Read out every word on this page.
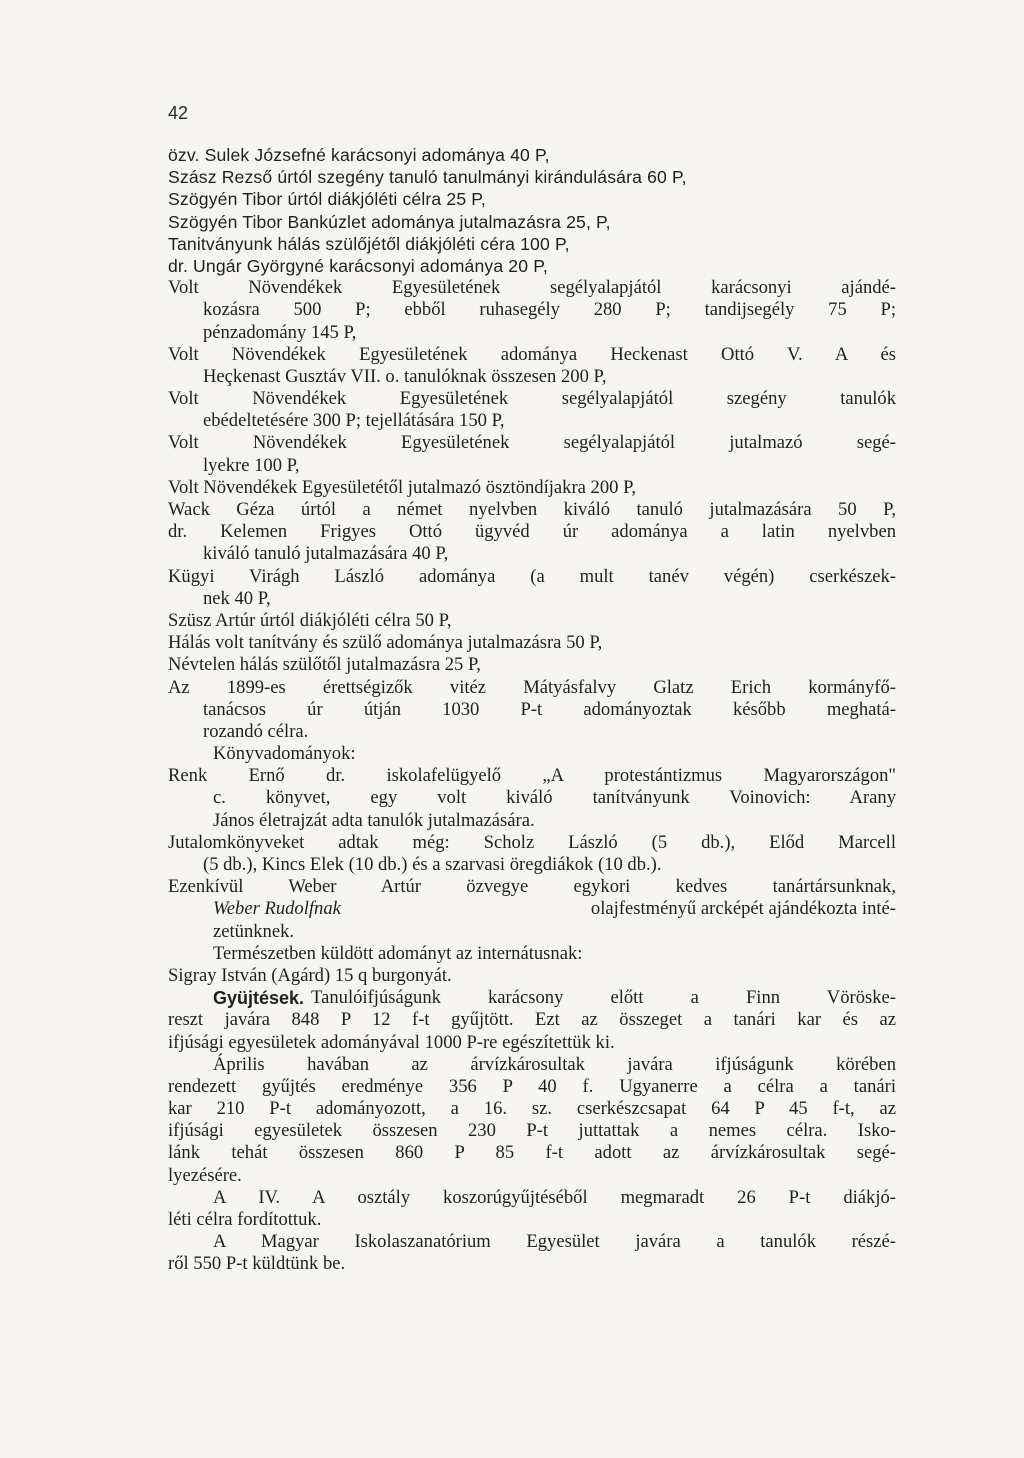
42
özv. Sulek Józsefné karácsonyi adománya 40 P,
Szász Rezső úrtól szegény tanuló tanulmányi kirándulására 60 P,
Szögyén Tibor úrtól diákjóléti célra 25 P,
Szögyén Tibor Bankúzlet adománya jutalmazásra 25, P,
Tanitványunk hálás szülőjétől diákjóléti céra 100 P,
dr. Ungár Györgyné karácsonyi adománya 20 P,
Volt Növendékek Egyesületének segélyalapjától karácsonyi ajándé-
kozásra 500 P; ebből ruhasegély 280 P; tandijsegély 75 P;
pénzadomány 145 P,
Volt Növendékek Egyesületének adománya Heckenast Ottó V. A és
Heçkenast Gusztáv VII. o. tanulóknak összesen 200 P,
Volt Növendékek Egyesületének segélyalapjától szegény tanulók
ebédeltetésére 300 P; tejellátására 150 P,
Volt Növendékek Egyesületének segélyalapjától jutalmazó segé-
lyekre 100 P,
Volt Növendékek Egyesületétől jutalmazó ösztöndíjakra 200 P,
Wack Géza úrtól a német nyelvben kiváló tanuló jutalmazására 50 P,
dr. Kelemen Frigyes Ottó ügyvéd úr adománya a latin nyelvben
kiváló tanuló jutalmazására 40 P,
Kügyi Virágh László adománya (a mult tanév végén) cserkészek-
nek 40 P,
Szüsz Artúr úrtól diákjóléti célra 50 P,
Hálás volt tanítvány és szülő adománya jutalmazásra 50 P,
Névtelen hálás szülőtől jutalmazásra 25 P,
Az 1899-es érettségizők vitéz Mátyásfalvy Glatz Erich kormányfő-
tanácsos úr útján 1030 P-t adományoztak később meghatá-
rozandó célra.
Könyvadományok:
Renk Ernő dr. iskolafelügyelő „A protestántizmus Magyarországon"
c. könyvet, egy volt kiváló tanítványunk Voinovich: Arany
János életrajzát adta tanulók jutalmazására.
Jutalomkönyveket adtak még: Scholz László (5 db.), Előd Marcell
(5 db.), Kincs Elek (10 db.) és a szarvasi öregdiákok (10 db.).
Ezenkívül Weber Artúr özvegye egykori kedves tanártársunknak,
Weber Rudolfnak	olajfestményű arcképét ajándékozta inté-
zetünknek.
Természetben küldött adományt az internátusnak:
Sigray István (Agárd) 15 q burgonyát.
Gyüjtések. Tanulóifjúságunk karácsony előtt a Finn Vöröske-
reszt javára 848 P 12 f-t gyűjtött. Ezt az összeget a tanári kar és az
ifjúsági egyesületek adományával 1000 P-re egészítettük ki.
Április havában az árvízkárosultak javára ifjúságunk körében
rendezett gyűjtés eredménye 356 P 40 f. Ugyanerre a célra a tanári
kar 210 P-t adományozott, a 16. sz. cserkészcsapat 64 P 45 f-t, az
ifjúsági egyesületek összesen 230 P-t juttattak a nemes célra. Isko-
lánk tehát összesen 860 P 85 f-t adott az árvízkárosultak segé-
lyezésére.
A IV. A osztály koszorúgyűjtéséből megmaradt 26 P-t diákjó-
léti célra fordítottuk.
A Magyar Iskolaszanatórium Egyesület javára a tanulók részé-
ről 550 P-t küldtünk be.
